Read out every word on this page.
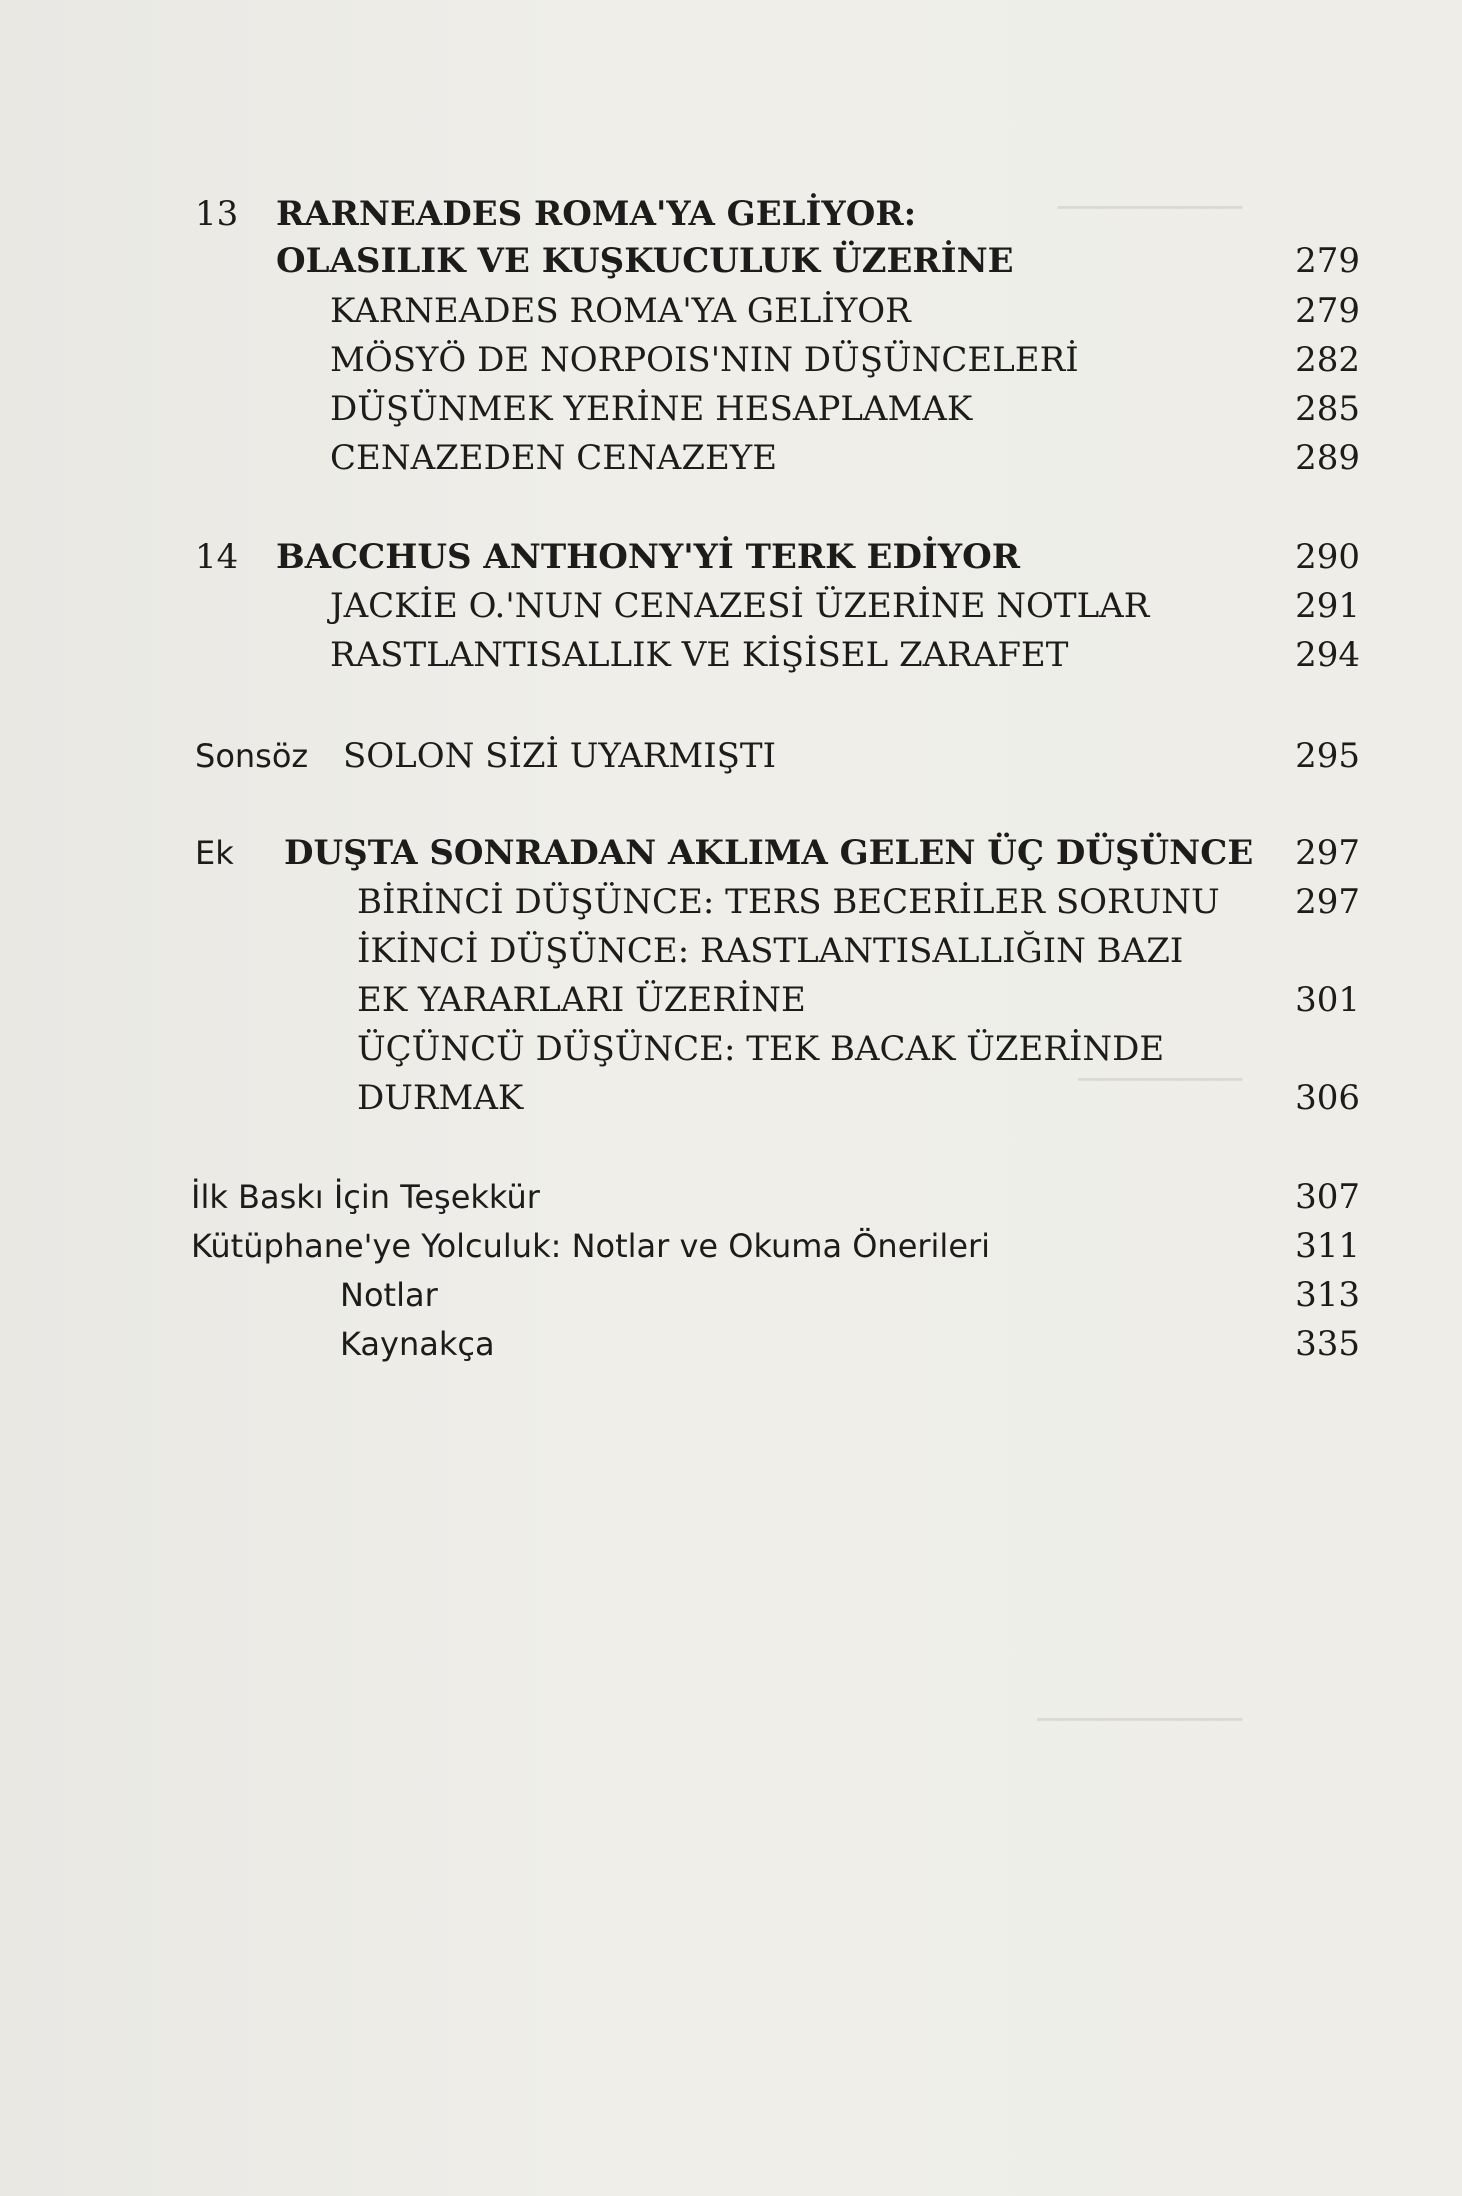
─────────
────────
──────────
13 RARNEADES ROMA'YA GELİYOR:
OLASILIK VE KUŞKUCULUK ÜZERİNE	279
KARNEADES ROMA'YA GELİYOR	279
MÖSYÖ DE NORPOIS'NIN DÜŞÜNCELERİ	282
DÜŞÜNMEK YERİNE HESAPLAMAK	285
CENAZEDEN CENAZEYE	289
14 BACCHUS ANTHONY'Yİ TERK EDİYOR	290
JACKİE O.'NUN CENAZESİ ÜZERİNE NOTLAR	291
RASTLANTISALLIK VE KİŞİSEL ZARAFET	294
Sonsöz SOLON SİZİ UYARMIŞTI	295
Ek DUŞTA SONRADAN AKLIMA GELEN ÜÇ DÜŞÜNCE 297
BİRİNCİ DÜŞÜNCE: TERS BECERİLER SORUNU 297
İKİNCİ DÜŞÜNCE: RASTLANTISALLIĞIN BAZI
EK YARARLARI ÜZERİNE	301
ÜÇÜNCÜ DÜŞÜNCE: TEK BACAK ÜZERİNDE
DURMAK	306
İlk Baskı İçin Teşekkür	307
Kütüphane'ye Yolculuk: Notlar ve Okuma Önerileri	311
Notlar	313
Kaynakça	335
